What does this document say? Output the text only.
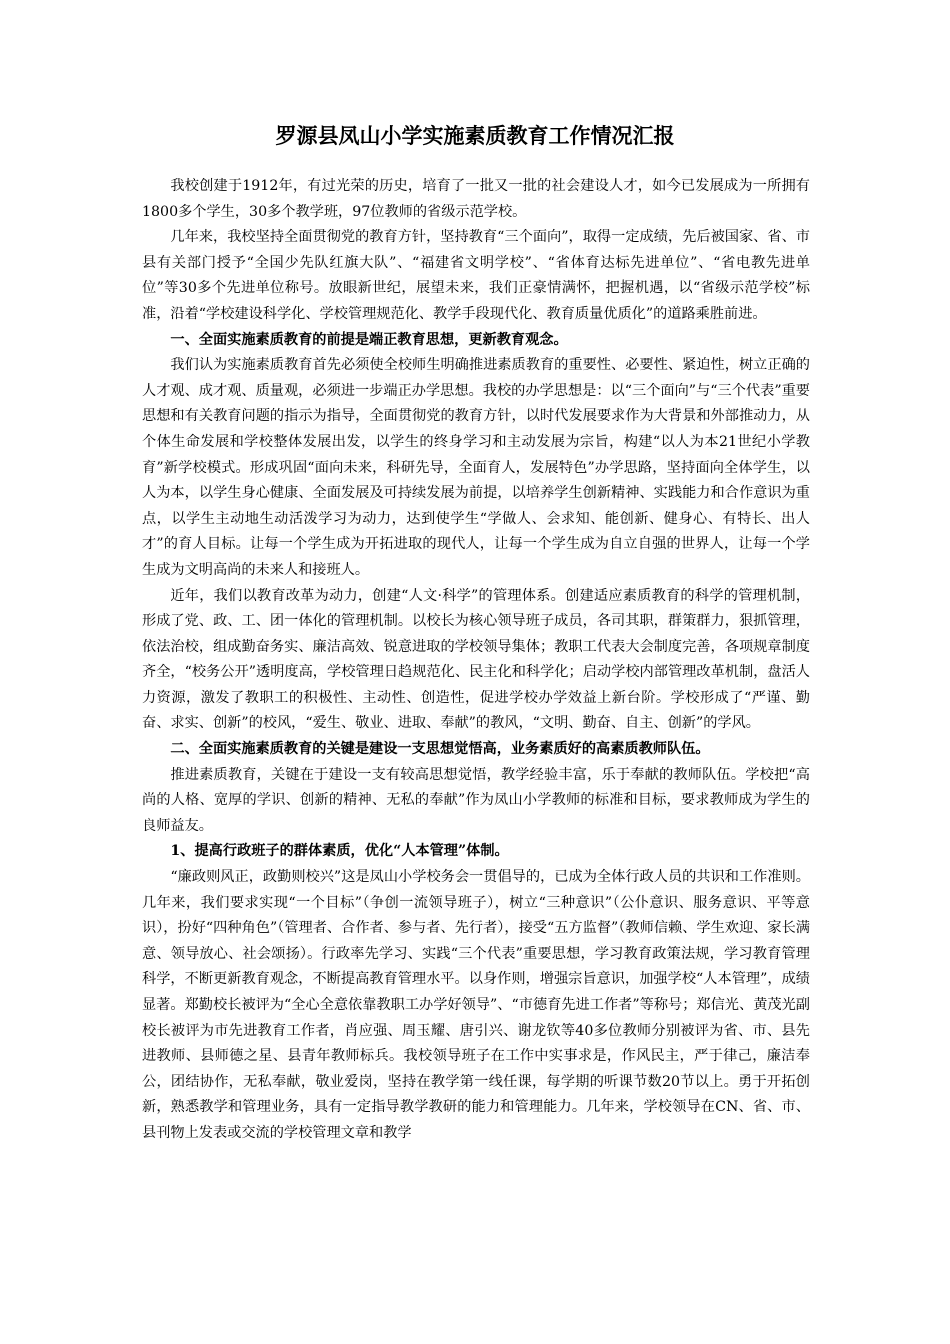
罗源县凤山小学实施素质教育工作情况汇报

我校创建于1912年，有过光荣的历史，培育了一批又一批的社会建设人才，如今已发展成为一所拥有1800多个学生，30多个教学班，97位教师的省级示范学校。

几年来，我校坚持全面贯彻党的教育方针，坚持教育“三个面向”，取得一定成绩，先后被国家、省、市县有关部门授予“全国少先队红旗大队”、“福建省文明学校”、“省体育达标先进单位”、“省电教先进单位”等30多个先进单位称号。放眼新世纪，展望未来，我们正豪情满怀，把握机遇，以“省级示范学校”标准，沿着“学校建设科学化、学校管理规范化、教学手段现代化、教育质量优质化”的道路乘胜前进。

一、全面实施素质教育的前提是端正教育思想，更新教育观念。

我们认为实施素质教育首先必须使全校师生明确推进素质教育的重要性、必要性、紧迫性，树立正确的人才观、成才观、质量观，必须进一步端正办学思想。我校的办学思想是：以“三个面向”与“三个代表”重要思想和有关教育问题的指示为指导，全面贯彻党的教育方针，以时代发展要求作为大背景和外部推动力，从个体生命发展和学校整体发展出发，以学生的终身学习和主动发展为宗旨，构建“以人为本21世纪小学教育”新学校模式。形成巩固“面向未来，科研先导，全面育人，发展特色”办学思路，坚持面向全体学生，以人为本，以学生身心健康、全面发展及可持续发展为前提，以培养学生创新精神、实践能力和合作意识为重点，以学生主动地生动活泼学习为动力，达到使学生“学做人、会求知、能创新、健身心、有特长、出人才”的育人目标。让每一个学生成为开拓进取的现代人，让每一个学生成为自立自强的世界人，让每一个学生成为文明高尚的未来人和接班人。

近年，我们以教育改革为动力，创建“人文·科学”的管理体系。创建适应素质教育的科学的管理机制，形成了党、政、工、团一体化的管理机制。以校长为核心领导班子成员，各司其职，群策群力，狠抓管理，依法治校，组成勤奋务实、廉洁高效、锐意进取的学校领导集体；教职工代表大会制度完善，各项规章制度齐全，“校务公开”透明度高，学校管理日趋规范化、民主化和科学化；启动学校内部管理改革机制，盘活人力资源，激发了教职工的积极性、主动性、创造性，促进学校办学效益上新台阶。学校形成了“严谨、勤奋、求实、创新”的校风，“爱生、敬业、进取、奉献”的教风，“文明、勤奋、自主、创新”的学风。

二、全面实施素质教育的关键是建设一支思想觉悟高，业务素质好的高素质教师队伍。

推进素质教育，关键在于建设一支有较高思想觉悟，教学经验丰富，乐于奉献的教师队伍。学校把“高尚的人格、宽厚的学识、创新的精神、无私的奉献”作为凤山小学教师的标准和目标，要求教师成为学生的良师益友。

1、提高行政班子的群体素质，优化“人本管理”体制。

“廉政则风正，政勤则校兴”这是凤山小学校务会一贯倡导的，已成为全体行政人员的共识和工作准则。几年来，我们要求实现“一个目标”（争创一流领导班子），树立“三种意识”（公仆意识、服务意识、平等意识），扮好“四种角色”（管理者、合作者、参与者、先行者），接受“五方监督”（教师信赖、学生欢迎、家长满意、领导放心、社会颂扬）。行政率先学习、实践“三个代表”重要思想，学习教育政策法规，学习教育管理科学，不断更新教育观念，不断提高教育管理水平。以身作则，增强宗旨意识，加强学校“人本管理”，成绩显著。郑勤校长被评为“全心全意依靠教职工办学好领导”、“市德育先进工作者”等称号；郑信光、黄茂光副校长被评为市先进教育工作者，肖应强、周玉耀、唐引兴、谢龙钦等40多位教师分别被评为省、市、县先进教师、县师德之星、县青年教师标兵。我校领导班子在工作中实事求是，作风民主，严于律己，廉洁奉公，团结协作，无私奉献，敬业爱岗，坚持在教学第一线任课，每学期的听课节数20节以上。勇于开拓创新，熟悉教学和管理业务，具有一定指导教学教研的能力和管理能力。几年来，学校领导在CN、省、市、县刊物上发表或交流的学校管理文章和教学
